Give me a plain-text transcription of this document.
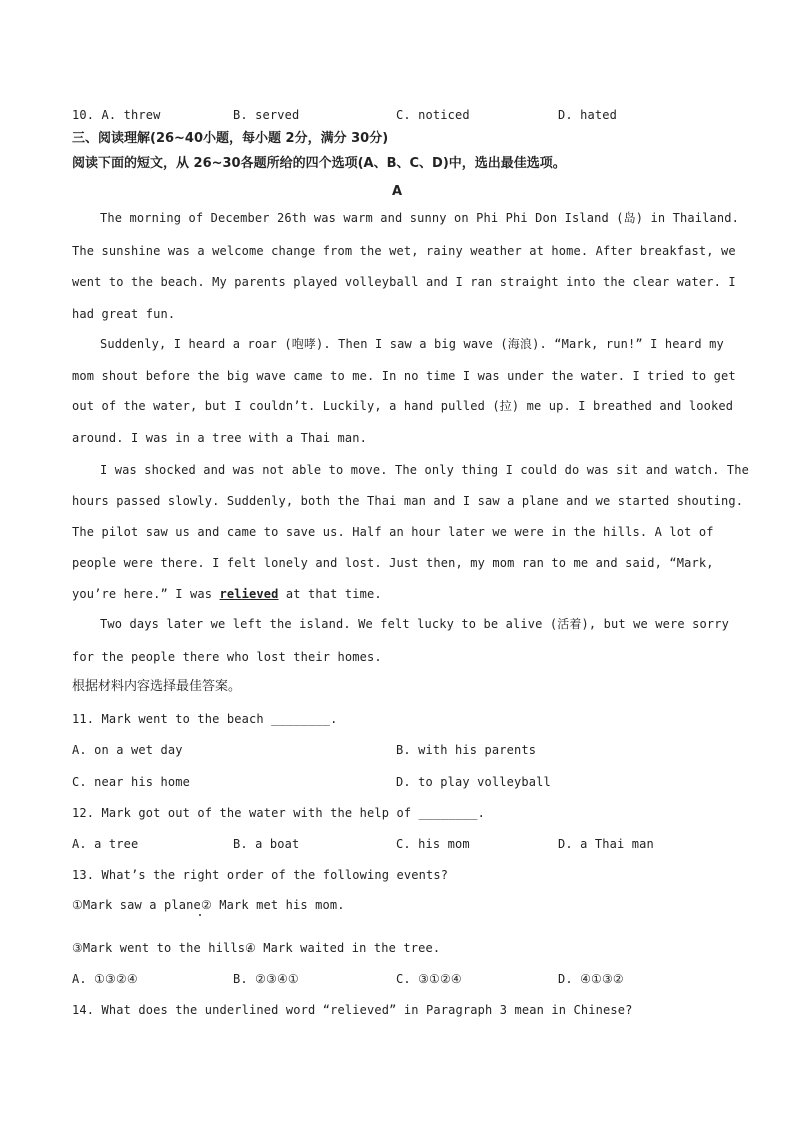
10. A. threw	B. served	C. noticed	D. hated
三、阅读理解(26~40小题，每小题 2分，满分 30分)
阅读下面的短文，从 26~30各题所给的四个选项(A、B、C、D)中，选出最佳选项。
A
The morning of December 26th was warm and sunny on Phi Phi Don Island (岛) in Thailand.
The sunshine was a welcome change from the wet, rainy weather at home. After breakfast, we
went to the beach. My parents played volleyball and I ran straight into the clear water. I
had great fun.
Suddenly, I heard a roar (咆哮). Then I saw a big wave (海浪). “Mark, run!” I heard my
mom shout before the big wave came to me. In no time I was under the water. I tried to get
out of the water, but I couldn’t. Luckily, a hand pulled (拉) me up. I breathed and looked
around. I was in a tree with a Thai man.
I was shocked and was not able to move. The only thing I could do was sit and watch. The
hours passed slowly. Suddenly, both the Thai man and I saw a plane and we started shouting.
The pilot saw us and came to save us. Half an hour later we were in the hills. A lot of
people were there. I felt lonely and lost. Just then, my mom ran to me and said, “Mark,
you’re here.” I was relieved at that time.
Two days later we left the island. We felt lucky to be alive (活着), but we were sorry
for the people there who lost their homes.
根据材料内容选择最佳答案。
11. Mark went to the beach ________.
A. on a wet day	B. with his parents
C. near his home	D. to play volleyball
12. Mark got out of the water with the help of ________.
A. a tree	B. a boat	C. his mom	D. a Thai man
13. What’s the right order of the following events?
①Mark saw a plane ② Mark met his mom.
③Mark went to the hills.
④ Mark waited in the tree.
A. ①③②④	B. ②③④①	C. ③①②④	D. ④①③②
14. What does the underlined word “relieved” in Paragraph 3 mean in Chinese?
